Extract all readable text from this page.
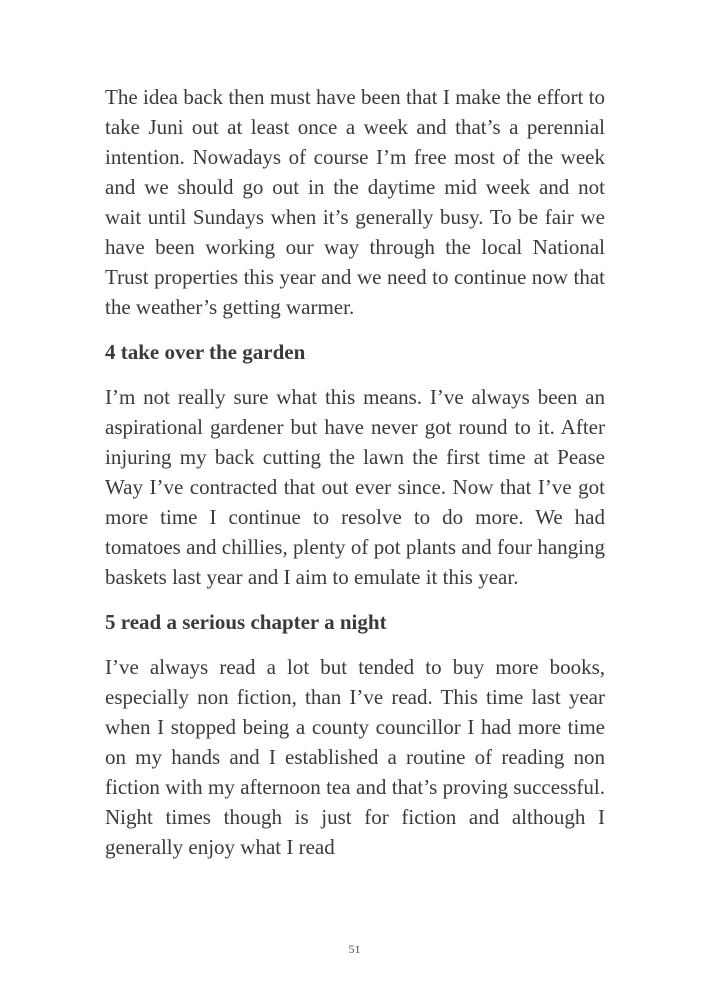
The idea back then must have been that I make the effort to take Juni out at least once a week and that’s a perennial intention. Nowadays of course I’m free most of the week and we should go out in the daytime mid week and not wait until Sundays when it’s generally busy. To be fair we have been working our way through the local National Trust properties this year and we need to continue now that the weather’s getting warmer.

4 take over the garden

I’m not really sure what this means. I’ve always been an aspirational gardener but have never got round to it. After injuring my back cutting the lawn the first time at Pease Way I’ve contracted that out ever since. Now that I’ve got more time I continue to resolve to do more. We had tomatoes and chillies, plenty of pot plants and four hanging baskets last year and I aim to emulate it this year.

5 read a serious chapter a night

I’ve always read a lot but tended to buy more books, especially non fiction, than I’ve read. This time last year when I stopped being a county councillor I had more time on my hands and I established a routine of reading non fiction with my afternoon tea and that’s proving successful. Night times though is just for fiction and although I generally enjoy what I read

51
